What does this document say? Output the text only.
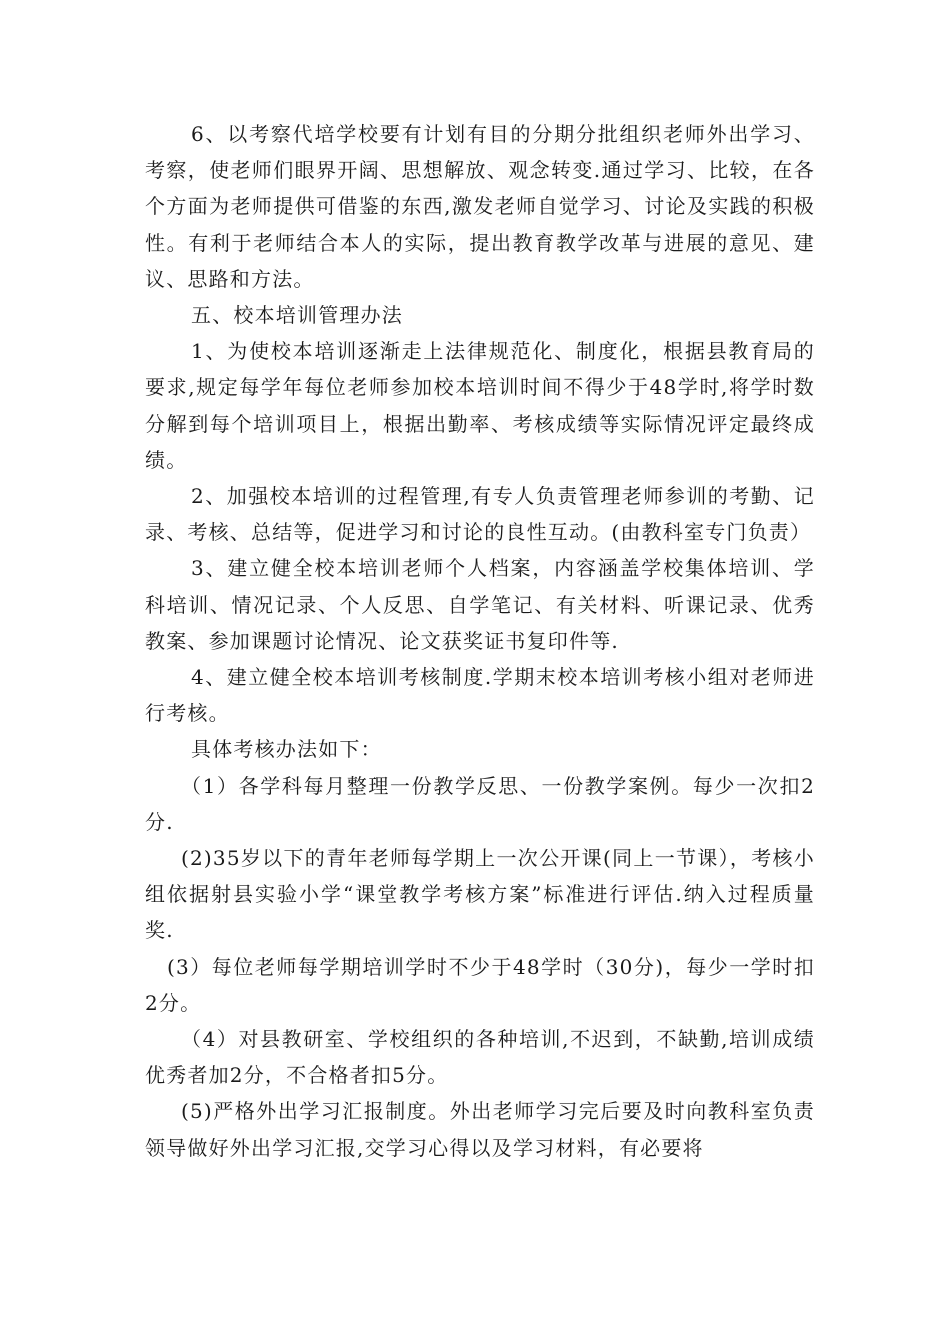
6、以考察代培学校要有计划有目的分期分批组织老师外出学习、考察，使老师们眼界开阔、思想解放、观念转变.通过学习、比较，在各个方面为老师提供可借鉴的东西,激发老师自觉学习、讨论及实践的积极性。有利于老师结合本人的实际，提出教育教学改革与进展的意见、建议、思路和方法。

五、校本培训管理办法

1、为使校本培训逐渐走上法律规范化、制度化，根据县教育局的要求,规定每学年每位老师参加校本培训时间不得少于48学时,将学时数分解到每个培训项目上，根据出勤率、考核成绩等实际情况评定最终成绩。

2、加强校本培训的过程管理,有专人负责管理老师参训的考勤、记录、考核、总结等，促进学习和讨论的良性互动。(由教科室专门负责）

3、建立健全校本培训老师个人档案，内容涵盖学校集体培训、学科培训、情况记录、个人反思、自学笔记、有关材料、听课记录、优秀教案、参加课题讨论情况、论文获奖证书复印件等.

4、建立健全校本培训考核制度.学期末校本培训考核小组对老师进行考核。

具体考核办法如下：

（1）各学科每月整理一份教学反思、一份教学案例。每少一次扣2分.

(2)35岁以下的青年老师每学期上一次公开课(同上一节课），考核小组依据射县实验小学“课堂教学考核方案”标准进行评估.纳入过程质量奖.

(3）每位老师每学期培训学时不少于48学时（30分)，每少一学时扣2分。

（4）对县教研室、学校组织的各种培训,不迟到，不缺勤,培训成绩优秀者加2分，不合格者扣5分。

(5)严格外出学习汇报制度。外出老师学习完后要及时向教科室负责领导做好外出学习汇报,交学习心得以及学习材料，有必要将
